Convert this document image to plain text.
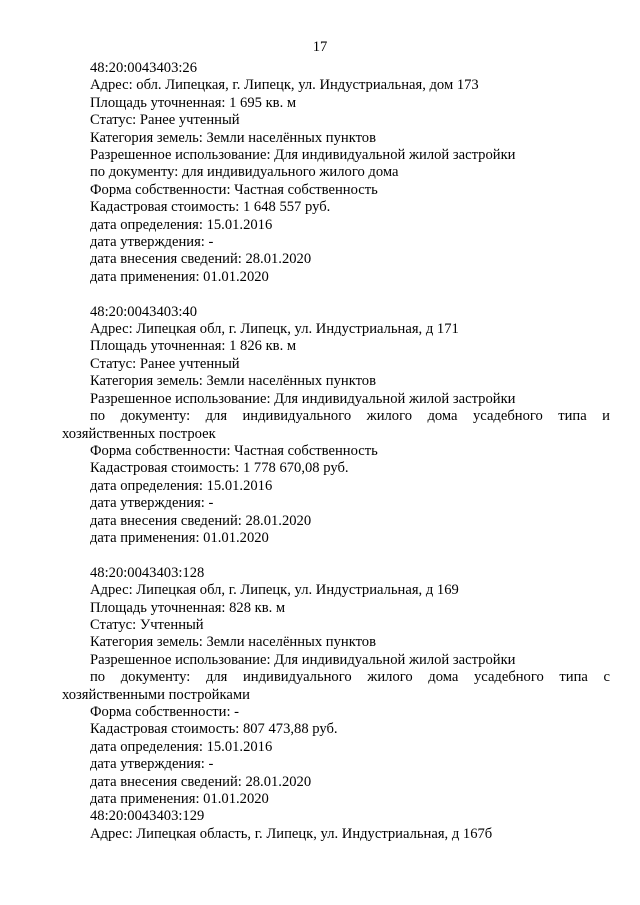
17
48:20:0043403:26
Адрес: обл. Липецкая, г. Липецк, ул. Индустриальная, дом 173
Площадь уточненная: 1 695 кв. м
Статус: Ранее учтенный
Категория земель: Земли населённых пунктов
Разрешенное использование: Для индивидуальной жилой застройки
по документу: для индивидуального жилого дома
Форма собственности: Частная собственность
Кадастровая стоимость: 1 648 557 руб.
дата определения: 15.01.2016
дата утверждения: -
дата внесения сведений: 28.01.2020
дата применения: 01.01.2020
48:20:0043403:40
Адрес: Липецкая обл, г. Липецк, ул. Индустриальная, д 171
Площадь уточненная: 1 826 кв. м
Статус: Ранее учтенный
Категория земель: Земли населённых пунктов
Разрешенное использование: Для индивидуальной жилой застройки
по документу: для индивидуального жилого дома усадебного типа и
хозяйственных построек
Форма собственности: Частная собственность
Кадастровая стоимость: 1 778 670,08 руб.
дата определения: 15.01.2016
дата утверждения: -
дата внесения сведений: 28.01.2020
дата применения: 01.01.2020
48:20:0043403:128
Адрес: Липецкая обл, г. Липецк, ул. Индустриальная, д 169
Площадь уточненная: 828 кв. м
Статус: Учтенный
Категория земель: Земли населённых пунктов
Разрешенное использование: Для индивидуальной жилой застройки
по документу: для индивидуального жилого дома усадебного типа с
хозяйственными постройками
Форма собственности: -
Кадастровая стоимость: 807 473,88 руб.
дата определения: 15.01.2016
дата утверждения: -
дата внесения сведений: 28.01.2020
дата применения: 01.01.2020
48:20:0043403:129
Адрес: Липецкая область, г. Липецк, ул. Индустриальная, д 167б
